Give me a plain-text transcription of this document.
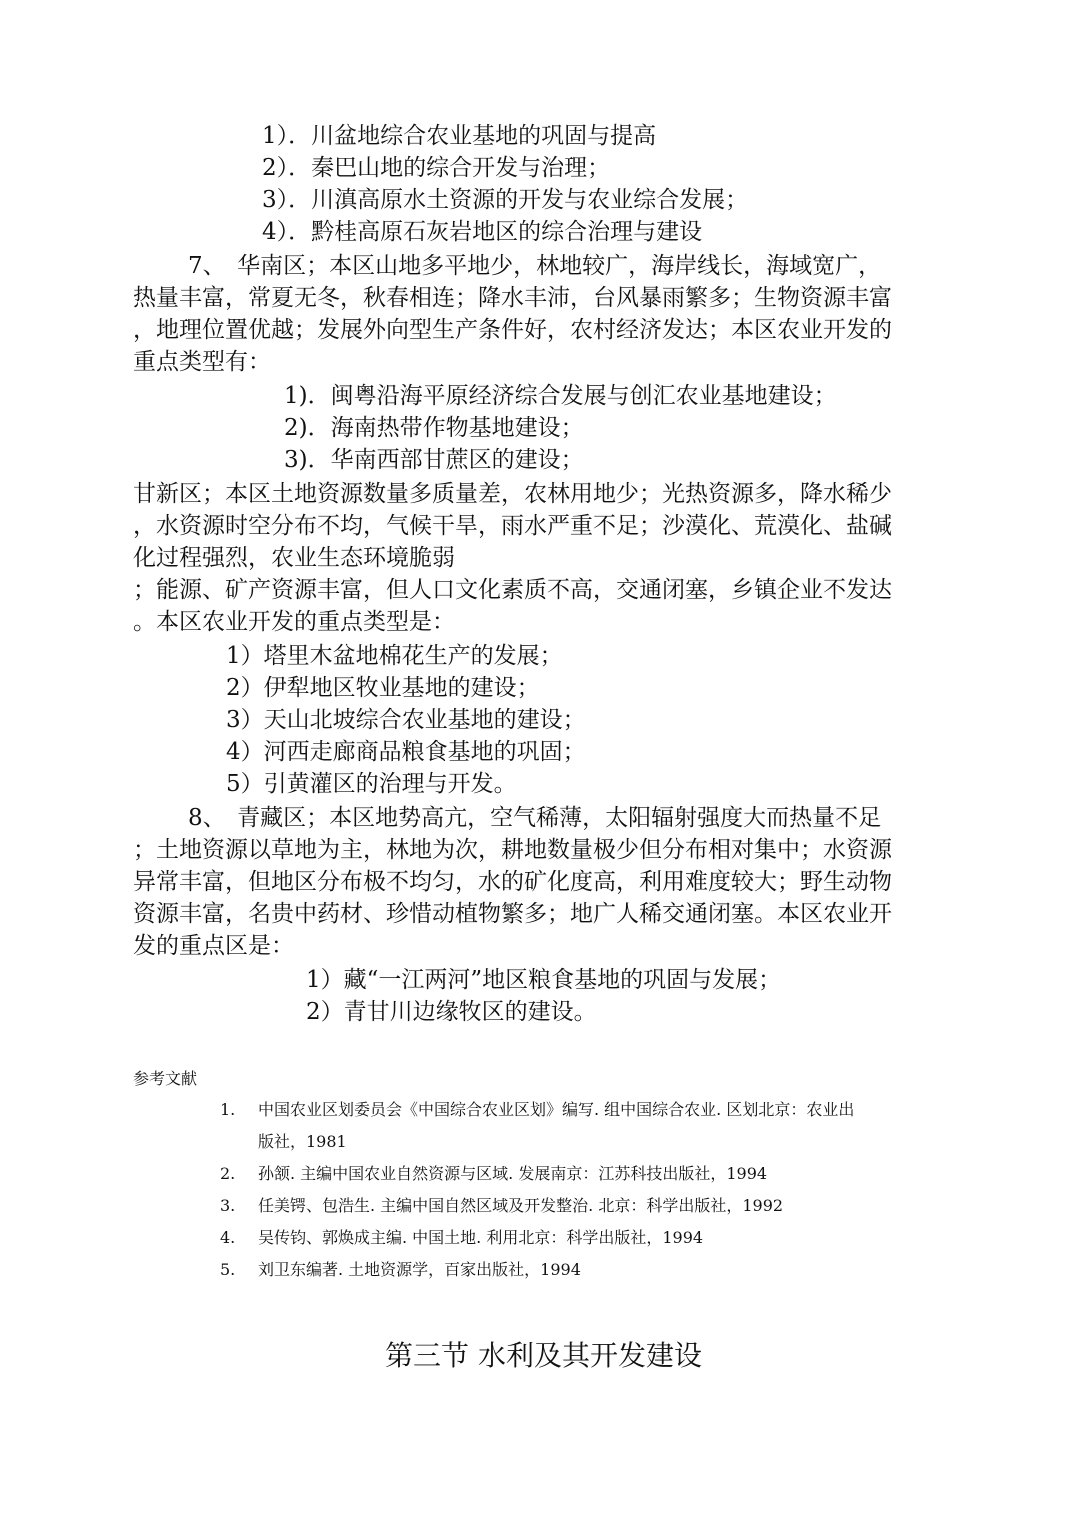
1）．川盆地综合农业基地的巩固与提高
2）．秦巴山地的综合开发与治理；
3）．川滇高原水土资源的开发与农业综合发展；
4）．黔桂高原石灰岩地区的综合治理与建设
7、　华南区；本区山地多平地少，林地较广，海岸线长，海域宽广，
热量丰富，常夏无冬，秋春相连；降水丰沛，台风暴雨繁多；生物资源丰富
，地理位置优越；发展外向型生产条件好，农村经济发达；本区农业开发的
重点类型有：
1)．闽粤沿海平原经济综合发展与创汇农业基地建设；
2)．海南热带作物基地建设；
3)．华南西部甘蔗区的建设；
甘新区；本区土地资源数量多质量差，农林用地少；光热资源多，降水稀少
，水资源时空分布不均，气候干旱，雨水严重不足；沙漠化、荒漠化、盐碱
化过程强烈，农业生态环境脆弱
；能源、矿产资源丰富，但人口文化素质不高，交通闭塞，乡镇企业不发达
。本区农业开发的重点类型是：
1）塔里木盆地棉花生产的发展；
2）伊犁地区牧业基地的建设；
3）天山北坡综合农业基地的建设；
4）河西走廊商品粮食基地的巩固；
5）引黄灌区的治理与开发。
8、　青藏区；本区地势高亢，空气稀薄，太阳辐射强度大而热量不足
；土地资源以草地为主，林地为次，耕地数量极少但分布相对集中；水资源
异常丰富，但地区分布极不均匀，水的矿化度高，利用难度较大；野生动物
资源丰富，名贵中药材、珍惜动植物繁多；地广人稀交通闭塞。本区农业开
发的重点区是：
1）藏“一江两河”地区粮食基地的巩固与发展；
2）青甘川边缘牧区的建设。
参考文献
1.	中国农业区划委员会《中国综合农业区划》编写. 组中国综合农业. 区划北京：农业出
版社，1981
2.	孙颔. 主编中国农业自然资源与区域. 发展南京：江苏科技出版社，1994
3.	任美锷、包浩生. 主编中国自然区域及开发整治. 北京：科学出版社，1992
4.	吴传钧、郭焕成主编. 中国土地. 利用北京：科学出版社，1994
5.	刘卫东编著. 土地资源学，百家出版社，1994
第三节 水利及其开发建设
